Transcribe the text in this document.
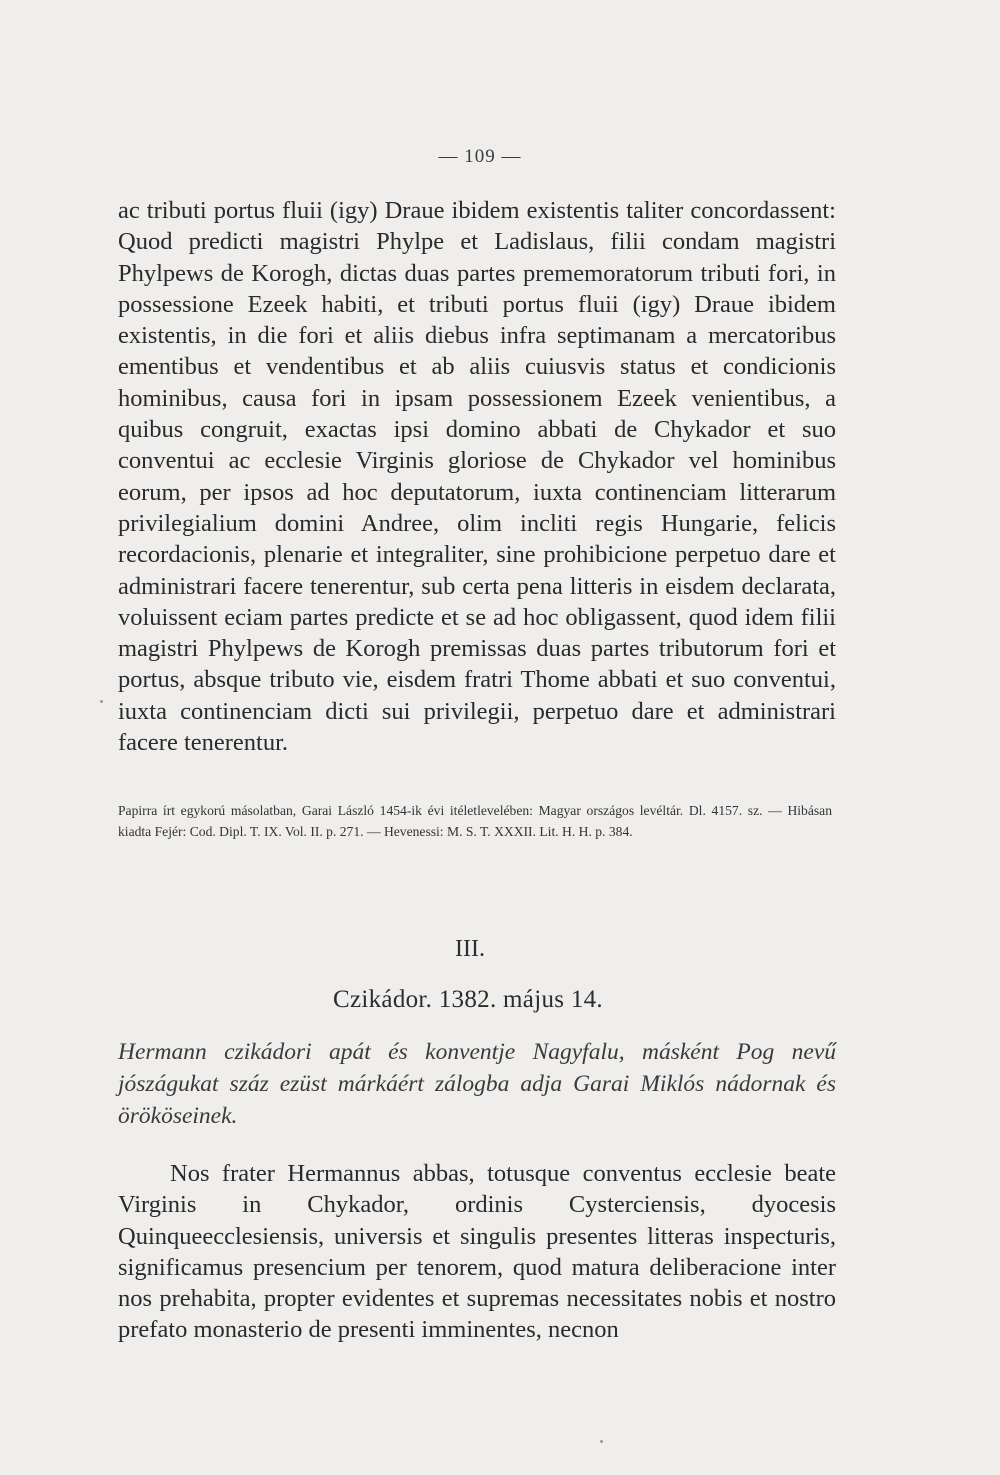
— 109 —

ac tributi portus fluii (igy) Draue ibidem existentis taliter concordassent: Quod predicti magistri Phylpe et Ladislaus, filii condam magistri Phylpews de Korogh, dictas duas partes prememoratorum tributi fori, in possessione Ezeek habiti, et tributi portus fluii (igy) Draue ibidem existentis, in die fori et aliis diebus infra septimanam a mercatoribus ementibus et vendentibus et ab aliis cuiusvis status et condicionis hominibus, causa fori in ipsam possessionem Ezeek venientibus, a quibus congruit, exactas ipsi domino abbati de Chykador et suo conventui ac ecclesie Virginis gloriose de Chykador vel hominibus eorum, per ipsos ad hoc deputatorum, iuxta continenciam litterarum privilegialium domini Andree, olim incliti regis Hungarie, felicis recordacionis, plenarie et integraliter, sine prohibicione perpetuo dare et administrari facere tenerentur, sub certa pena litteris in eisdem declarata, voluissent eciam partes predicte et se ad hoc obligassent, quod idem filii magistri Phylpews de Korogh premissas duas partes tributorum fori et portus, absque tributo vie, eisdem fratri Thome abbati et suo conventui, iuxta continenciam dicti sui privilegii, perpetuo dare et administrari facere tenerentur.

Papirra írt egykorú másolatban, Garai László 1454-ik évi itéletlevelében: Magyar országos levéltár. Dl. 4157. sz. — Hibásan kiadta Fejér: Cod. Dipl. T. IX. Vol. II. p. 271. — Hevenessi: M. S. T. XXXII. Lit. H. H. p. 384.

III.
Czikádor. 1382. május 14.

Hermann czikádori apát és konventje Nagyfalu, másként Pog nevű jószágukat száz ezüst márkáért zálogba adja Garai Miklós nádornak és örököseinek.

Nos frater Hermannus abbas, totusque conventus ecclesie beate Virginis in Chykador, ordinis Cysterciensis, dyocesis Quinqueecclesiensis, universis et singulis presentes litteras inspecturis, significamus presencium per tenorem, quod matura deliberacione inter nos prehabita, propter evidentes et supremas necessitates nobis et nostro prefato monasterio de presenti imminentes, necnon
